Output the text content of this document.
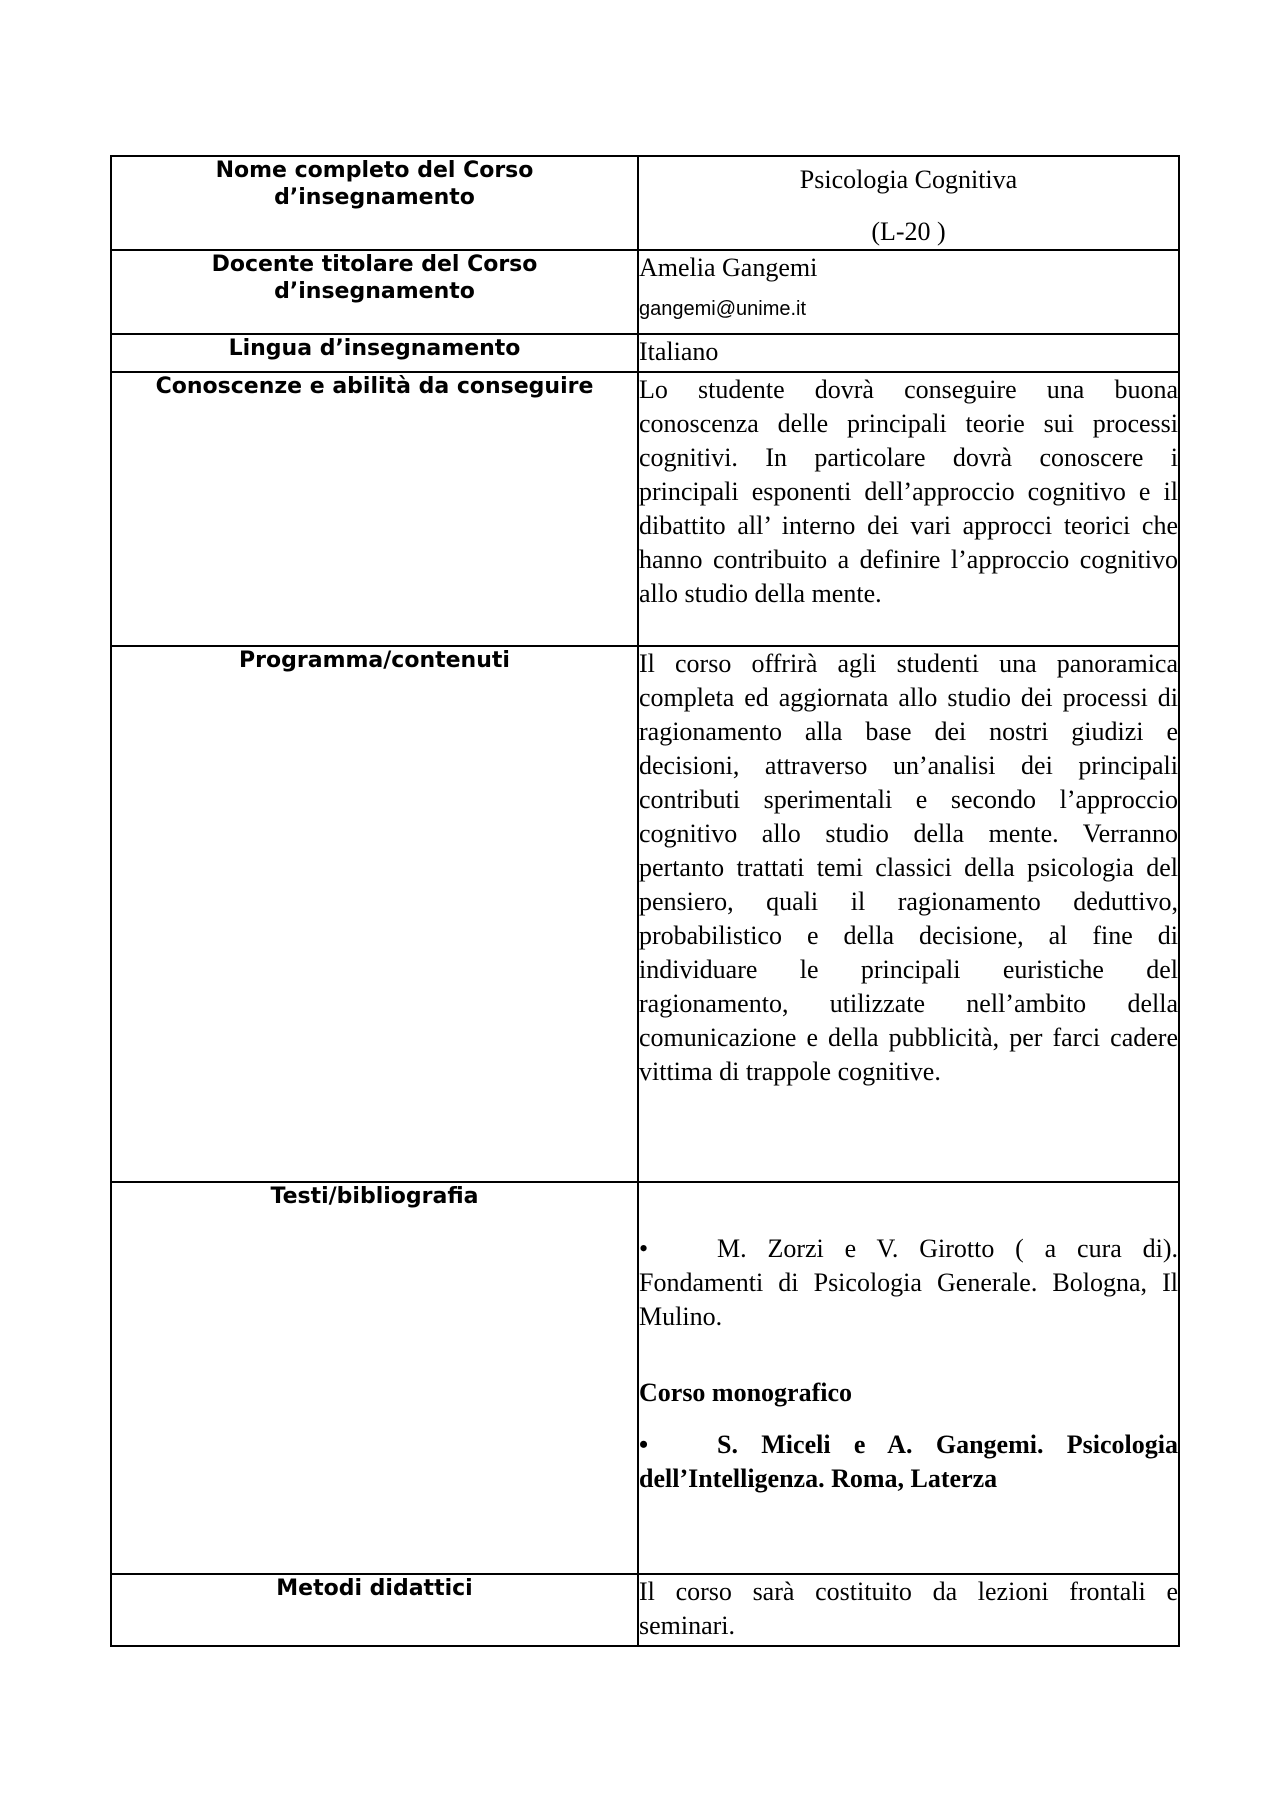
Nome completo del Corso d’insegnamento	Psicologia Cognitiva
(L-20 )

Docente titolare del Corso d’insegnamento	Amelia Gangemi
gangemi@unime.it

Lingua d’insegnamento	Italiano
Conoscenze e abilità da conseguire	Lo studente dovrà conseguire una buona conoscenza delle principali teorie sui processi cognitivi. In particolare dovrà conoscere i principali esponenti dell’approccio cognitivo e il dibattito all’ interno dei vari approcci teorici che hanno contribuito a definire l’approccio cognitivo allo studio della mente.
Programma/contenuti	Il corso offrirà agli studenti una panoramica completa ed aggiornata allo studio dei processi di ragionamento alla base dei nostri giudizi e decisioni, attraverso un’analisi dei principali contributi sperimentali e secondo l’approccio cognitivo allo studio della mente. Verranno pertanto trattati temi classici della psicologia del pensiero, quali il ragionamento deduttivo, probabilistico e della decisione, al fine di individuare le principali euristiche del ragionamento, utilizzate nell’ambito della comunicazione e della pubblicità, per farci cadere vittima di trappole cognitive.
Testi/bibliografia	• M. Zorzi e V. Girotto ( a cura di). Fondamenti di Psicologia Generale. Bologna, Il Mulino.
Corso monografico
• S. Miceli e A. Gangemi. Psicologia dell’Intelligenza. Roma, Laterza

Metodi didattici	Il corso sarà costituito da lezioni frontali e seminari.
